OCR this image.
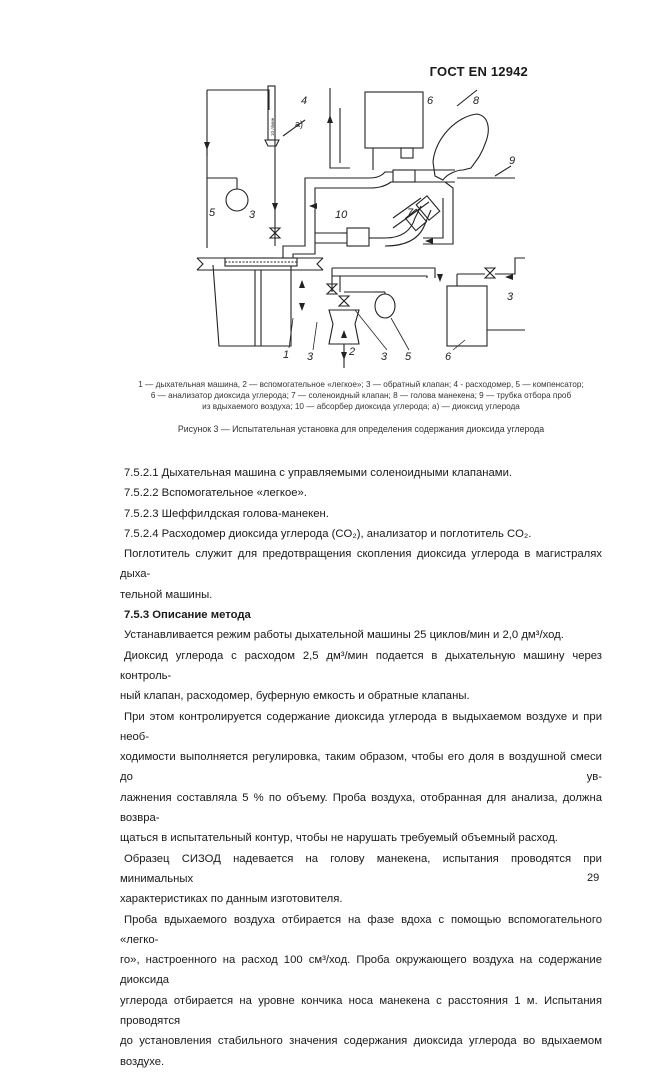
ГОСТ EN 12942
10 л/мин
4
а)
6	8
9
7
10
5	3
1 3	2 3 5	6
3
1 — дыхательная машина, 2 — вспомогательное «легкое»; 3 — обратный клапан; 4 - расходомер, 5 — компенсатор;
6 — анализатор диоксида углерода; 7 — соленоидный клапан; 8 — голова манекена; 9 — трубка отбора проб
из вдыхаемого воздуха; 10 — абсорбер диоксида углерода; а) — диоксид углерода
Рисунок 3 — Испытательная установка для определения содержания диоксида углерода

7.5.2.1 Дыхательная машина с управляемыми соленоидными клапанами.

7.5.2.2 Вспомогательное «легкое».

7.5.2.3 Шеффилдская голова-манекен.

7.5.2.4 Расходомер диоксида углерода (CO₂), анализатор и поглотитель CO₂.

Поглотитель служит для предотвращения скопления диоксида углерода в магистралях дыха-

тельной машины.

7.5.3 Описание метода

Устанавливается режим работы дыхательной машины 25 циклов/мин и 2,0 дм³/ход.

Диоксид углерода с расходом 2,5 дм³/мин подается в дыхательную машину через контроль-

ный клапан, расходомер, буферную емкость и обратные клапаны.

При этом контролируется содержание диоксида углерода в выдыхаемом воздухе и при необ-

ходимости выполняется регулировка, таким образом, чтобы его доля в воздушной смеси до ув-

лажнения составляла 5 % по объему. Проба воздуха, отобранная для анализа, должна возвра-

щаться в испытательный контур, чтобы не нарушать требуемый объемный расход.

Образец СИЗОД надевается на голову манекена, испытания проводятся при минимальных

характеристиках по данным изготовителя.

Проба вдыхаемого воздуха отбирается на фазе вдоха с помощью вспомогательного «легко-

го», настроенного на расход 100 см³/ход. Проба окружающего воздуха на содержание диоксида

углерода отбирается на уровне кончика носа манекена с расстояния 1 м. Испытания проводятся

до установления стабильного значения содержания диоксида углерода во вдыхаемом воздухе.

29
